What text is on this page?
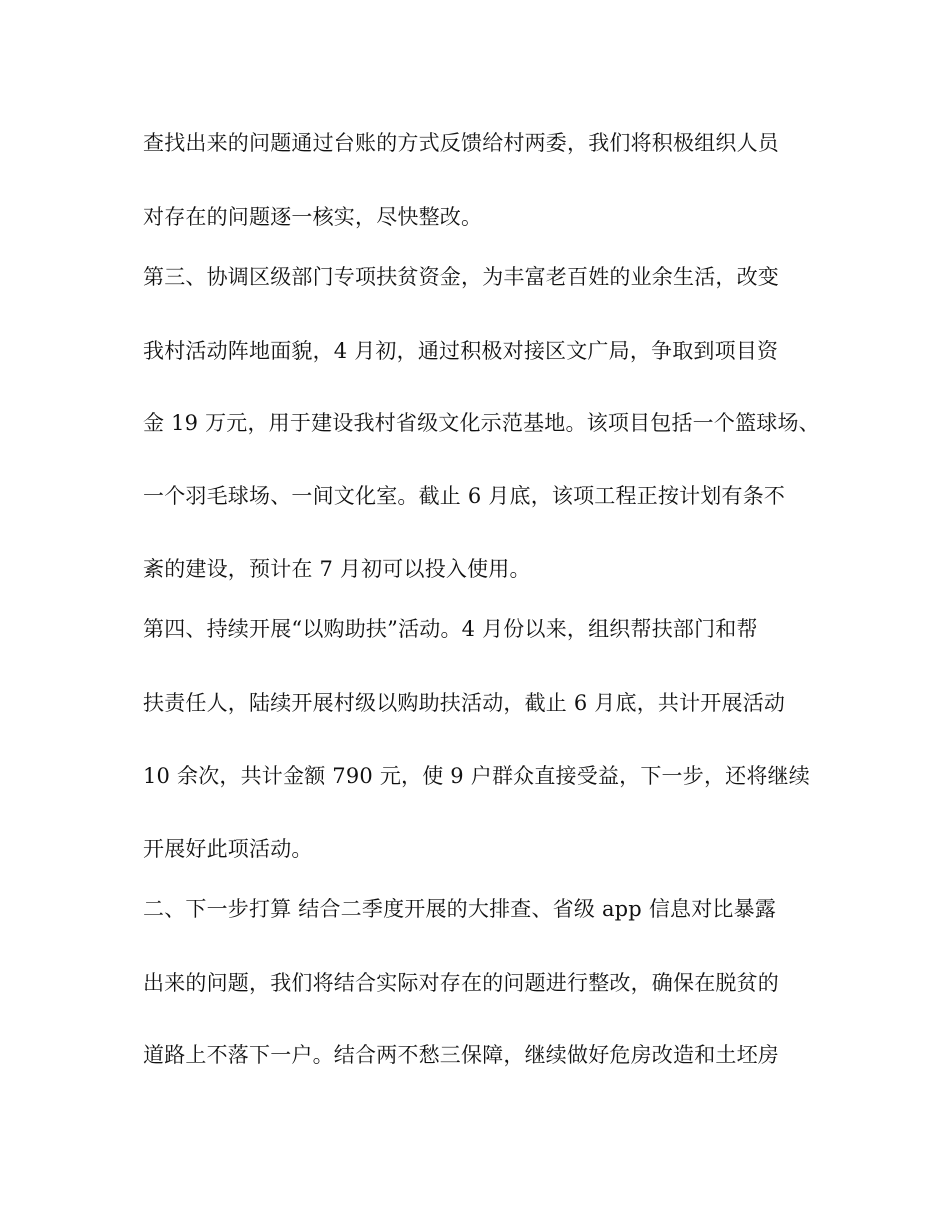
查找出来的问题通过台账的方式反馈给村两委，我们将积极组织人员
对存在的问题逐一核实，尽快整改。
第三、协调区级部门专项扶贫资金，为丰富老百姓的业余生活，改变
我村活动阵地面貌，4 月初，通过积极对接区文广局，争取到项目资
金 19 万元，用于建设我村省级文化示范基地。该项目包括一个篮球场、
一个羽毛球场、一间文化室。截止 6 月底，该项工程正按计划有条不
紊的建设，预计在 7 月初可以投入使用。
第四、持续开展“以购助扶”活动。4 月份以来，组织帮扶部门和帮
扶责任人，陆续开展村级以购助扶活动，截止 6 月底，共计开展活动
10 余次，共计金额 790 元，使 9 户群众直接受益，下一步，还将继续
开展好此项活动。
二、下一步打算 结合二季度开展的大排查、省级 app 信息对比暴露
出来的问题，我们将结合实际对存在的问题进行整改，确保在脱贫的
道路上不落下一户。结合两不愁三保障，继续做好危房改造和土坯房
